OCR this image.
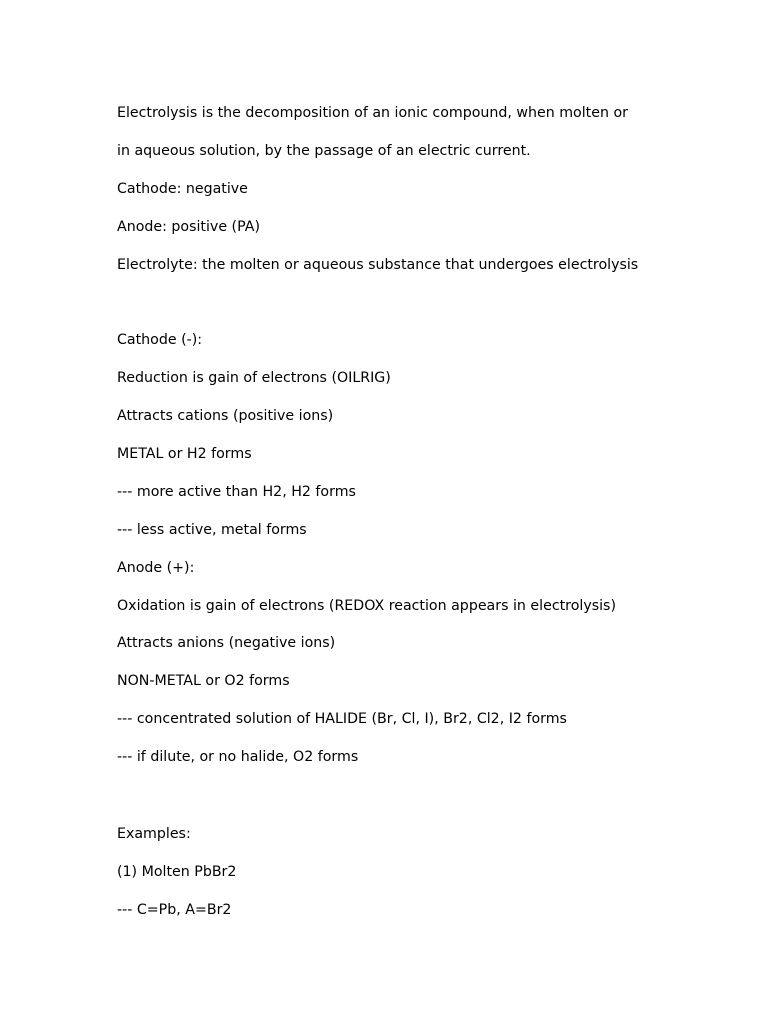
Electrolysis is the decomposition of an ionic compound, when molten or
in aqueous solution, by the passage of an electric current.
Cathode: negative
Anode: positive (PA)
Electrolyte: the molten or aqueous substance that undergoes electrolysis
Cathode (-):
Reduction is gain of electrons (OILRIG)
Attracts cations (positive ions)
METAL or H2 forms
--- more active than H2, H2 forms
--- less active, metal forms
Anode (+):
Oxidation is gain of electrons (REDOX reaction appears in electrolysis)
Attracts anions (negative ions)
NON-METAL or O2 forms
--- concentrated solution of HALIDE (Br, Cl, I), Br2, Cl2, I2 forms
--- if dilute, or no halide, O2 forms
Examples:
(1) Molten PbBr2
--- C=Pb, A=Br2
